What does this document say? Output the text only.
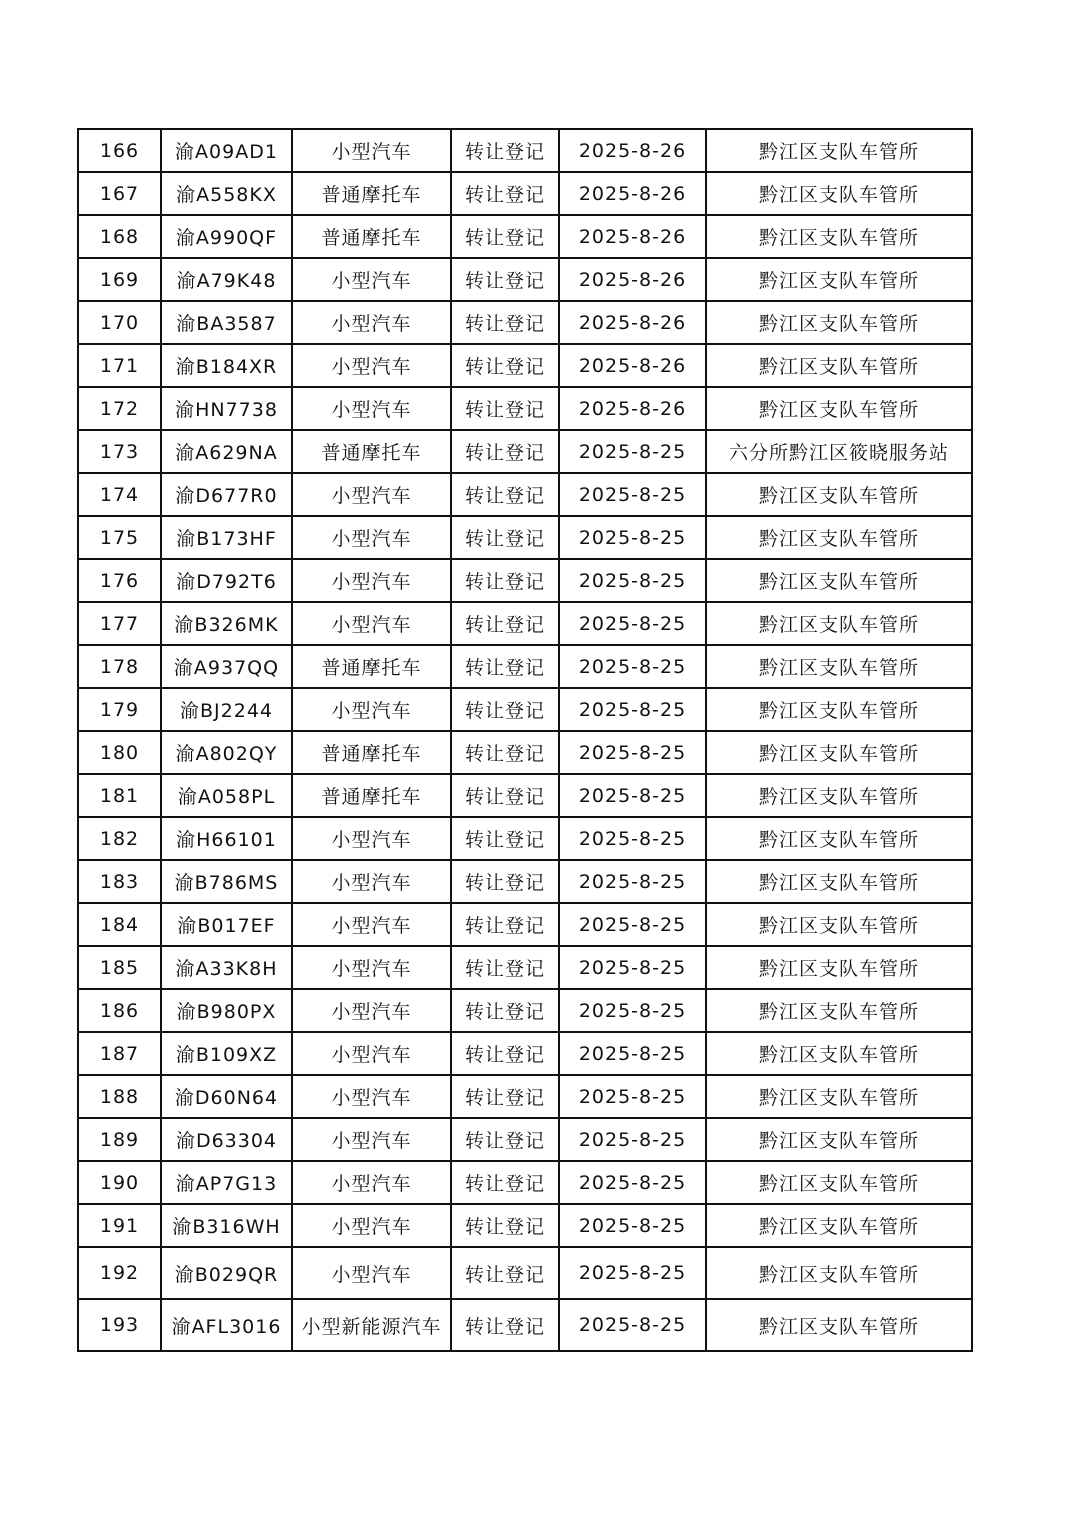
166	渝A09AD1	小型汽车	转让登记	2025-8-26	黔江区支队车管所
167	渝A558KX	普通摩托车	转让登记	2025-8-26	黔江区支队车管所
168	渝A990QF	普通摩托车	转让登记	2025-8-26	黔江区支队车管所
169	渝A79K48	小型汽车	转让登记	2025-8-26	黔江区支队车管所
170	渝BA3587	小型汽车	转让登记	2025-8-26	黔江区支队车管所
171	渝B184XR	小型汽车	转让登记	2025-8-26	黔江区支队车管所
172	渝HN7738	小型汽车	转让登记	2025-8-26	黔江区支队车管所
173	渝A629NA	普通摩托车	转让登记	2025-8-25	六分所黔江区筱晓服务站
174	渝D677R0	小型汽车	转让登记	2025-8-25	黔江区支队车管所
175	渝B173HF	小型汽车	转让登记	2025-8-25	黔江区支队车管所
176	渝D792T6	小型汽车	转让登记	2025-8-25	黔江区支队车管所
177	渝B326MK	小型汽车	转让登记	2025-8-25	黔江区支队车管所
178	渝A937QQ	普通摩托车	转让登记	2025-8-25	黔江区支队车管所
179	渝BJ2244	小型汽车	转让登记	2025-8-25	黔江区支队车管所
180	渝A802QY	普通摩托车	转让登记	2025-8-25	黔江区支队车管所
181	渝A058PL	普通摩托车	转让登记	2025-8-25	黔江区支队车管所
182	渝H66101	小型汽车	转让登记	2025-8-25	黔江区支队车管所
183	渝B786MS	小型汽车	转让登记	2025-8-25	黔江区支队车管所
184	渝B017EF	小型汽车	转让登记	2025-8-25	黔江区支队车管所
185	渝A33K8H	小型汽车	转让登记	2025-8-25	黔江区支队车管所
186	渝B980PX	小型汽车	转让登记	2025-8-25	黔江区支队车管所
187	渝B109XZ	小型汽车	转让登记	2025-8-25	黔江区支队车管所
188	渝D60N64	小型汽车	转让登记	2025-8-25	黔江区支队车管所
189	渝D63304	小型汽车	转让登记	2025-8-25	黔江区支队车管所
190	渝AP7G13	小型汽车	转让登记	2025-8-25	黔江区支队车管所
191	渝B316WH	小型汽车	转让登记	2025-8-25	黔江区支队车管所
192	渝B029QR	小型汽车	转让登记	2025-8-25	黔江区支队车管所
193	渝AFL3016	小型新能源汽车	转让登记	2025-8-25	黔江区支队车管所
